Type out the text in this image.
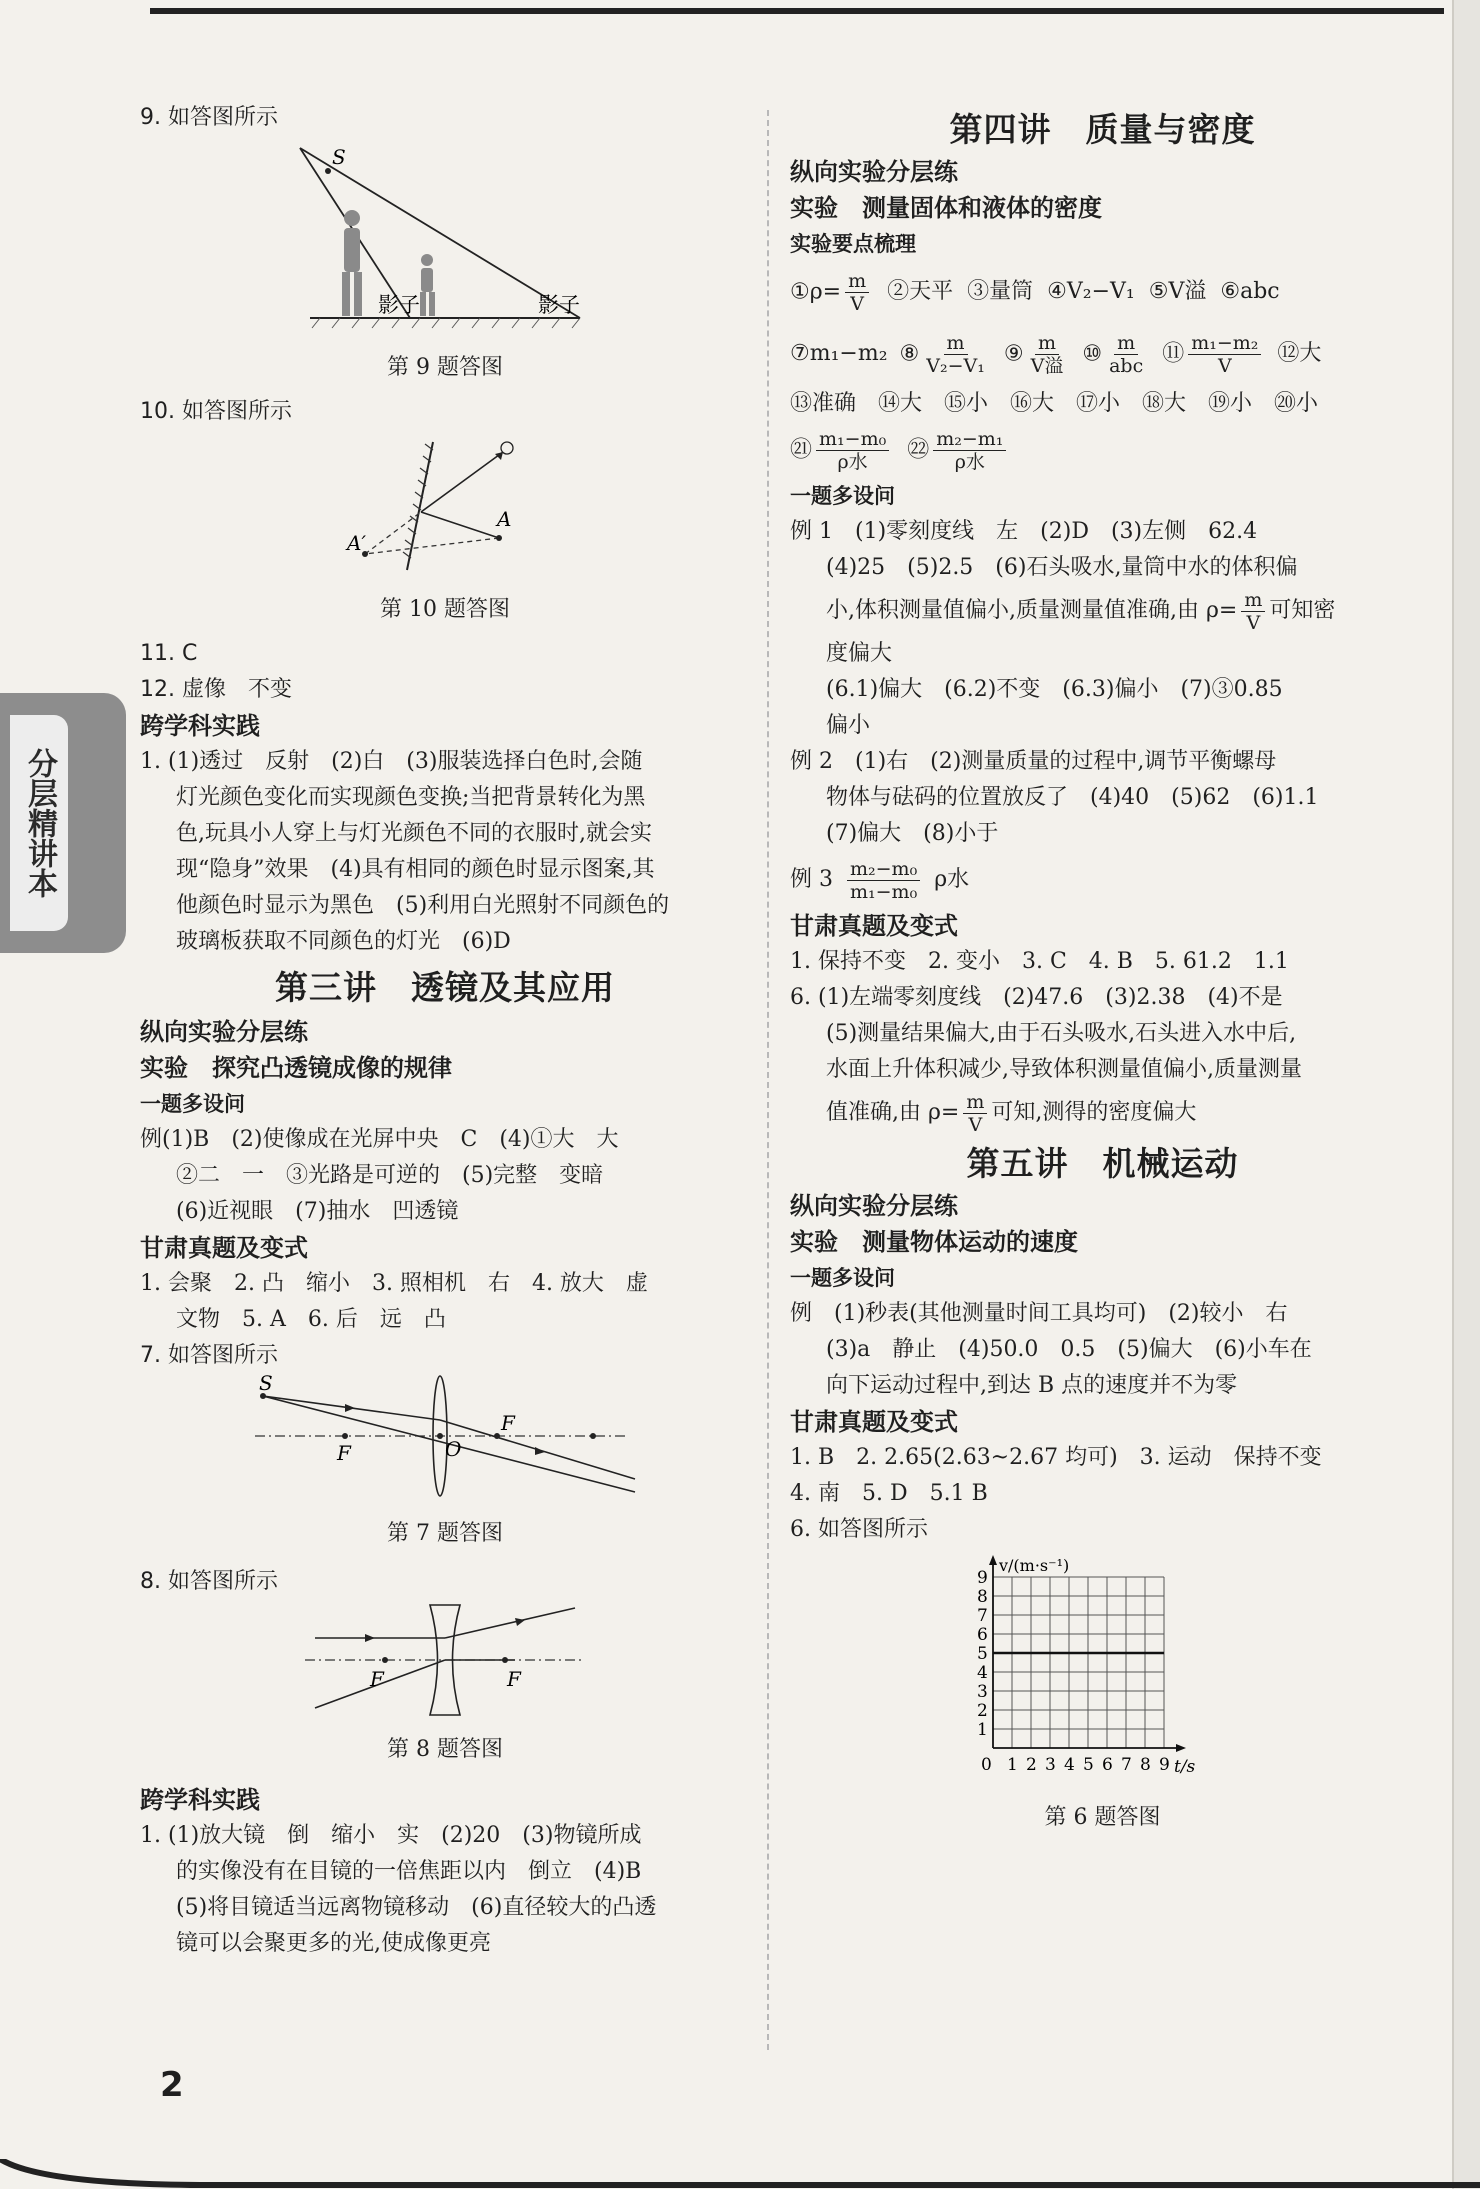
分层精讲本
9. 如答图所示
S
影子	影子
第 9 题答图
10. 如答图所示
A
A′
第 10 题答图
11. C
12. 虚像　不变
跨学科实践
1. (1)透过　反射　(2)白　(3)服装选择白色时,会随
灯光颜色变化而实现颜色变换;当把背景转化为黑
色,玩具小人穿上与灯光颜色不同的衣服时,就会实
现“隐身”效果　(4)具有相同的颜色时显示图案,其
他颜色时显示为黑色　(5)利用白光照射不同颜色的
玻璃板获取不同颜色的灯光　(6)D
第三讲　透镜及其应用
纵向实验分层练
实验　探究凸透镜成像的规律
一题多设问
例(1)B　(2)使像成在光屏中央　C　(4)①大　大
②二　一　③光路是可逆的　(5)完整　变暗
(6)近视眼　(7)抽水　凹透镜
甘肃真题及变式
1. 会聚　2. 凸　缩小　3. 照相机　右　4. 放大　虚
文物　5. A　6. 后　远　凸
7. 如答图所示
S
O
F
F
第 7 题答图
8. 如答图所示
F	F
第 8 题答图
跨学科实践
1. (1)放大镜　倒　缩小　实　(2)20　(3)物镜所成
的实像没有在目镜的一倍焦距以内　倒立　(4)B
(5)将目镜适当远离物镜移动　(6)直径较大的凸透
镜可以会聚更多的光,使成像更亮
第四讲　质量与密度
纵向实验分层练
实验　测量固体和液体的密度
实验要点梳理
①ρ= $\frac{m}{V}$ ②天平 ③量筒 ④V₂−V₁ ⑤V溢 ⑥abc
⑦m₁−m₂ ⑧ $\frac{m}{\text{V₂−V₁}}$ ⑨ $\frac{m}{\text{V溢}}$ ⑩ $\frac{m}{\text{abc}}$ ⑪ $\frac{\text{m₁−m₂}}{V}$ ⑫大
⑬准确　⑭大　⑮小　⑯大　⑰小　⑱大　⑲小　⑳小
㉑ $\frac{\text{m₁−m₀}}{\text{ρ水}}$ ㉒ $\frac{\text{m₂−m₁}}{\text{ρ水}}$
一题多设问
例 1　(1)零刻度线　左　(2)D　(3)左侧　62.4
(4)25　(5)2.5　(6)石头吸水,量筒中水的体积偏
小,体积测量值偏小,质量测量值准确,由 $\rho= \frac{m}{V}$ 可知密
度偏大
(6.1)偏大　(6.2)不变　(6.3)偏小　(7)③0.85
偏小
例 2　(1)右　(2)测量质量的过程中,调节平衡螺母
物体与砝码的位置放反了　(4)40　(5)62　(6)1.1
(7)偏大　(8)小于
例 $3 \frac{\text{m₂−m₀}}{\text{m₁−m₀}}$ ρ水
甘肃真题及变式
1. 保持不变　2. 变小　3. C　4. B　5. 61.2　1.1
6. (1)左端零刻度线　(2)47.6　(3)2.38　(4)不是
(5)测量结果偏大,由于石头吸水,石头进入水中后,
水面上升体积减少,导致体积测量值偏小,质量测量
值准确,由 $\rho= \frac{m}{V}$ 可知,测得的密度偏大
第五讲　机械运动
纵向实验分层练
实验　测量物体运动的速度
一题多设问
例　(1)秒表(其他测量时间工具均可)　(2)较小　右
(3)a　静止　(4)50.0　0.5　(5)偏大　(6)小车在
向下运动过程中,到达 B 点的速度并不为零
甘肃真题及变式
1. B　2. 2.65(2.63~2.67 均可)　3. 运动　保持不变
4. 南　5. D　5.1 B
6. 如答图所示
0 1 2 3 4 5 6 7 8 9
1
2
3
4
5
6
7
8
9
t/s
v/(m·s⁻¹)
第 6 题答图
2
